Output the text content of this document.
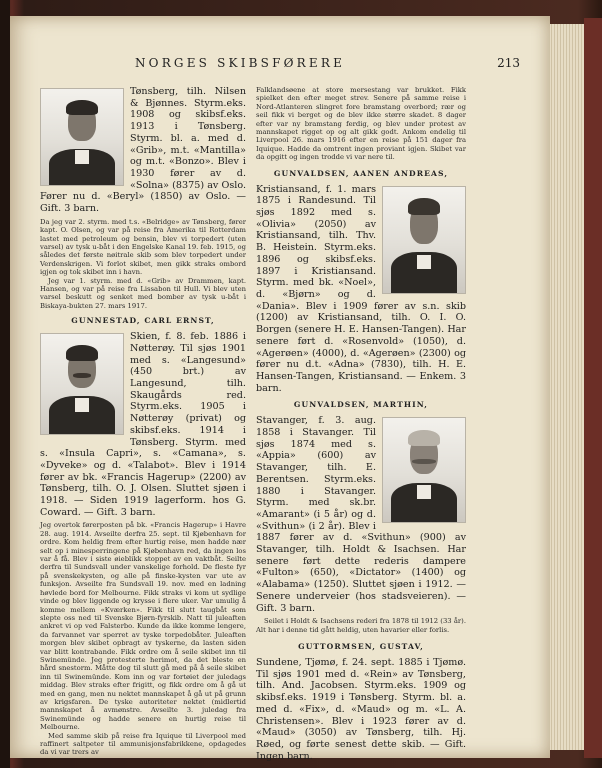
NORGES SKIBSFØRERE	213

Tønsberg, tilh. Nilsen & Bjønnes. Styrm.eks. 1908 og skibsf.eks. 1913 i Tønsberg. Styrm. bl. a. med d. «Grib», m.t. «Mantilla» og m.t. «Bonzo». Blev i 1930 fører av d. «Solna» (8375) av Oslo. Fører nu d. «Beryl» (1850) av Oslo. — Gift. 3 barn.

Da jeg var 2. styrm. med t.s. «Belridge» av Tønsberg, fører kapt. O. Olsen, og var på reise fra Amerika til Rotterdam lastet med petroleum og bensin, blev vi torpedert (uten varsel) av tysk u-båt i den Engelske Kanal 19. feb. 1915, og således det første nøitrale skib som blev torpedert under Verdenskrigen. Vi forlot skibet, men gikk straks ombord igjen og tok skibet inn i havn.

Jeg var 1. styrm. med d. «Grib» av Drammen, kapt. Hansen, og var på reise fra Lissabon til Hull. Vi blev uten varsel beskutt og senket med bomber av tysk u-båt i Biskaya-bukten 27. mars 1917.

GUNNESTAD, CARL ERNST,

Skien, f. 8. feb. 1886 i Nøtterøy. Til sjøs 1901 med s. «Langesund» (450 brt.) av Langesund, tilh. Skaugårds red. Styrm.eks. 1905 i Nøtterøy (privat) og skibsf.eks. 1914 i Tønsberg. Styrm. med s. «Insula Capri», s. «Camana», s. «Dyveke» og d. «Talabot». Blev i 1914 fører av bk. «Francis Hagerup» (2200) av Tønsberg, tilh. O. J. Olsen. Sluttet sjøen i 1918. — Siden 1919 lagerform. hos G. Coward. — Gift. 3 barn.

Jeg overtok førerposten på bk. «Francis Hagerup» i Havre 28. aug. 1914. Avseilte derfra 25. sept. til Kjøbenhavn for ordre. Kom heldig frem efter hurtig reise, men hadde nær selt op i minesperringene på Kjøbenhavn red, da ingen los var å få. Blev i siste øieblikk stoppet av en vaktbåt. Seilte derfra til Sundsvall under vanskelige forhold. De fleste fyr på svenskekysten, og alle på finske-kysten var ute av funksjon. Avseilte fra Sundsvall 19. nov. med en ladning høvlede bord for Melbourne. Fikk straks vi kom ut sydlige vinde og blev liggende og krysse i flere uker. Var umulig å komme mellem «Kværken». Fikk til slutt taugbåt som slepte oss ned til Svenske Bjørn-fyrskib. Natt til juleaften ankret vi op ved Falsterbo. Kunde da ikke komme lengere, da farvannet var sperret av tyske torpedobåter. Juleaften morgen blev skibet opbragt av tyskerne, da lasten siden var blitt kontrabande. Fikk ordre om å seile skibet inn til Swinemünde. Jeg protesterte herimot, da det bleste en hård snestorm. Måtte dog til slutt gå med på å seile skibet inn til Swinemünde. Kom inn og var fortøiet der juledags middag. Blev straks efter frigitt, og fikk ordre om å gå ut med en gang, men nu nektet mannskapet å gå ut på grunn av krigsfaren. De tyske autoriteter nektet (midlertid mannskapet å avmønstre. Avseilte 3. juledag fra Swinemünde og hadde senere en hurtig reise til Melbourne.

Med samme skib på reise fra Iquique til Liverpool med raffinert saltpeter til ammunisjonsfabrikkene, opdagedes da vi var trers av

Falklandsøene at store mersestang var brukket. Fikk spielket den efter meget strev. Senere på samme reise i Nord-Atlanteren slingret fore bramstang overbord; rær og seil fikk vi berget og de blev ikke større skadet. 8 dager efter var ny bramstang ferdig, og blev under protest av mannskapet rigget op og alt gikk godt. Ankom endelig til Liverpool 26. mars 1916 efter en reise på 151 dager fra Iquique. Hadde da omtrent ingen proviant igjen. Skibet var da opgitt og ingen trodde vi var nere til.

GUNVALDSEN, AANEN ANDREAS,

Kristiansand, f. 1. mars 1875 i Randesund. Til sjøs 1892 med s. «Olivia» (2050) av Kristiansand, tilh. Thv. B. Heistein. Styrm.eks. 1896 og skibsf.eks. 1897 i Kristiansand. Styrm. med bk. «Noel», d. «Bjørn» og d. «Dania». Blev i 1909 fører av s.n. skib (1200) av Kristiansand, tilh. O. I. O. Borgen (senere H. E. Hansen-Tangen). Har senere ført d. «Rosenvold» (1050), d. «Agerøen» (4000), d. «Agerøen» (2300) og fører nu d.t. «Adna» (7830), tilh. H. E. Hansen-Tangen, Kristiansand. — Enkem. 3 barn.

GUNVALDSEN, MARTHIN,

Stavanger, f. 3. aug. 1858 i Stavanger. Til sjøs 1874 med s. «Appia» (600) av Stavanger, tilh. E. Berentsen. Styrm.eks. 1880 i Stavanger. Styrm. med sk.br. «Amarant» (i 5 år) og d. «Svithun» (i 2 år). Blev i 1887 fører av d. «Svithun» (900) av Stavanger, tilh. Holdt & Isachsen. Har senere ført dette rederis dampere «Fulton» (650), «Dictator» (1400) og «Alabama» (1250). Sluttet sjøen i 1912. — Senere underveier (hos stadsveieren). — Gift. 3 barn.

Seilet i Holdt & Isachsens rederi fra 1878 til 1912 (33 år). Alt har i denne tid gått heldig, uten havarier eller forlis.

GUTTORMSEN, GUSTAV,

Sundene, Tjømø, f. 24. sept. 1885 i Tjømø. Til sjøs 1901 med d. «Rein» av Tønsberg, tilh. And. Jacobsen. Styrm.eks. 1909 og skibsf.eks. 1919 i Tønsberg. Styrm. bl. a. med d. «Fix», d. «Maud» og m. «L. A. Christensen». Blev i 1923 fører av d. «Maud» (3050) av Tønsberg, tilh. Hj. Røed, og førte senest dette skib. — Gift. Ingen barn.
